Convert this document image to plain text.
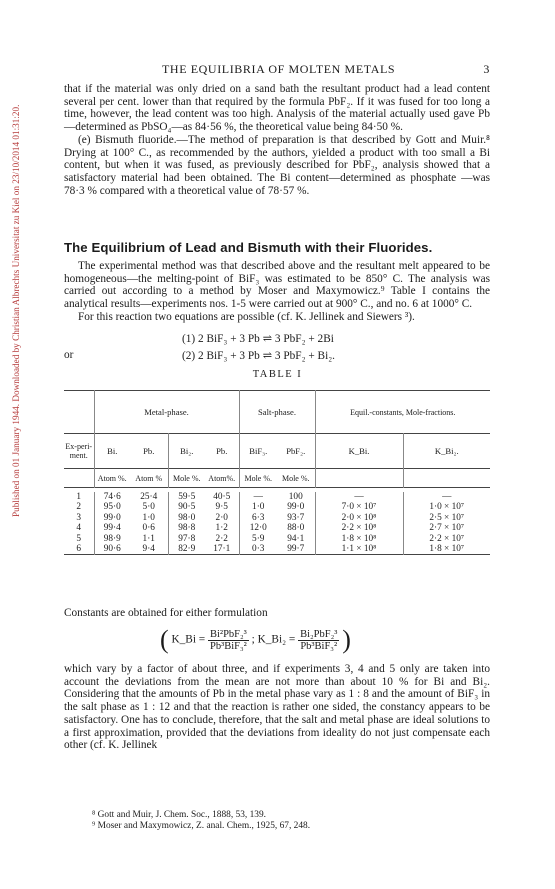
Published on 01 January 1944. Downloaded by Christian Albrechts Universitat zu Kiel on 23/10/2014 01:31:20.
THE EQUILIBRIA OF MOLTEN METALS	3

that if the material was only dried on a sand bath the resultant product had a lead content several per cent. lower than that required by the formula PbF₂. If it was fused for too long a time, however, the lead content was too high. Analysis of the material actually used gave Pb —determined as PbSO₄—as 84·56 %, the theoretical value being 84·50 %.

(e) Bismuth fluoride.—The method of preparation is that described by Gott and Muir.⁸ Drying at 100° C., as recommended by the authors, yielded a product with too small a Bi content, but when it was fused, as previously described for PbF₂, analysis showed that a satisfactory material had been obtained. The Bi content—determined as phosphate —was 78·3 % compared with a theoretical value of 78·57 %.

The Equilibrium of Lead and Bismuth with their Fluorides.

The experimental method was that described above and the resultant melt appeared to be homogeneous—the melting-point of BiF₃ was estimated to be 850° C. The analysis was carried out according to a method by Moser and Maxymowicz.⁹ Table I contains the analytical results—experiments nos. 1-5 were carried out at 900° C., and no. 6 at 1000° C.

For this reaction two equations are possible (cf. K. Jellinek and Siewers ³).

(1) 2 BiF₃ + 3 Pb ⇌ 3 PbF₂ + 2Bi
or	(2) 2 BiF₃ + 3 Pb ⇌ 3 PbF₂ + Bi₂.
TABLE I
	Metal-phase.				Salt-phase.		Equil.-constants, Mole-fractions.	
Ex-peri-ment.	Bi.	Pb.	Bi₂.	Pb.	BiF₃.	PbF₂.	K_Bi.	K_Bi₂.
	Atom %.	Atom %	Mole %.	Atom%.	Mole %.	Mole %.		

1	74·6	25·4	59·5	40·5	—	100	—	—
2	95·0	5·0	90·5	9·5	1·0	99·0	7·0 × 10⁷	1·0 × 10⁷
3	99·0	1·0	98·0	2·0	6·3	93·7	2·0 × 10⁸	2·5 × 10⁷
4	99·4	0·6	98·8	1·2	12·0	88·0	2·2 × 10⁸	2·7 × 10⁷
5	98·9	1·1	97·8	2·2	5·9	94·1	1·8 × 10⁸	2·2 × 10⁷
6	90·6	9·4	82·9	17·1	0·3	99·7	1·1 × 10⁸	1·8 × 10⁷

Constants are obtained for either formulation
( K_Bi = $\frac{\text{Bi²PbF₂³}}{\text{Pb³BiF₃²}}$ ; K_Bi₂ = $\frac{\text{Bi₂PbF₂³}}{\text{Pb³BiF₃²}}$ )
which vary by a factor of about three, and if experiments 3, 4 and 5 only are taken into account the deviations from the mean are not more than about 10 % for Bi and Bi₂. Considering that the amounts of Pb in the metal phase vary as 1 : 8 and the amount of BiF₃ in the salt phase as 1 : 12 and that the reaction is rather one sided, the constancy appears to be satisfactory. One has to conclude, therefore, that the salt and metal phase are ideal solutions to a first approximation, provided that the deviations from ideality do not just compensate each other (cf. K. Jellinek
⁸ Gott and Muir, J. Chem. Soc., 1888, 53, 139.
⁹ Moser and Maxymowicz, Z. anal. Chem., 1925, 67, 248.
